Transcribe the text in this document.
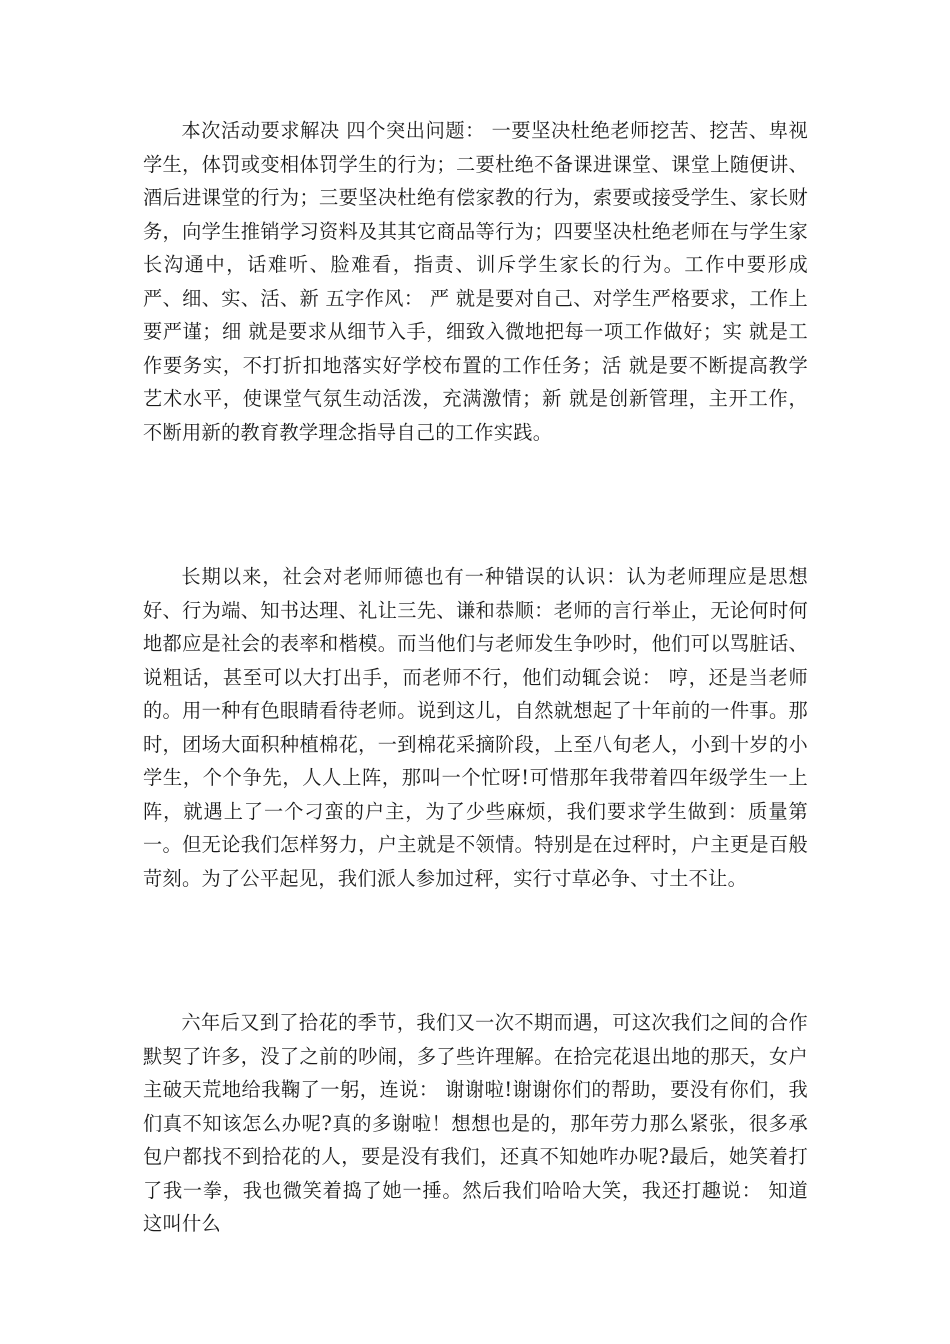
本次活动要求解决 四个突出问题： 一要坚决杜绝老师挖苦、挖苦、卑视学生，体罚或变相体罚学生的行为；二要杜绝不备课进课堂、课堂上随便讲、酒后进课堂的行为；三要坚决杜绝有偿家教的行为，索要或接受学生、家长财务，向学生推销学习资料及其其它商品等行为；四要坚决杜绝老师在与学生家长沟通中，话难听、脸难看，指责、训斥学生家长的行为。工作中要形成 严、细、实、活、新 五字作风： 严 就是要对自己、对学生严格要求，工作上要严谨；细 就是要求从细节入手，细致入微地把每一项工作做好；实 就是工作要务实，不打折扣地落实好学校布置的工作任务；活 就是要不断提高教学艺术水平，使课堂气氛生动活泼，充满激情；新 就是创新管理，主开工作，不断用新的教育教学理念指导自己的工作实践。

长期以来，社会对老师师德也有一种错误的认识：认为老师理应是思想好、行为端、知书达理、礼让三先、谦和恭顺：老师的言行举止，无论何时何地都应是社会的表率和楷模。而当他们与老师发生争吵时，他们可以骂脏话、说粗话，甚至可以大打出手，而老师不行，他们动辄会说： 哼，还是当老师的。用一种有色眼睛看待老师。说到这儿，自然就想起了十年前的一件事。那时，团场大面积种植棉花，一到棉花采摘阶段，上至八旬老人，小到十岁的小学生，个个争先，人人上阵，那叫一个忙呀!可惜那年我带着四年级学生一上阵，就遇上了一个刁蛮的户主，为了少些麻烦，我们要求学生做到：质量第一。但无论我们怎样努力，户主就是不领情。特别是在过秤时，户主更是百般苛刻。为了公平起见，我们派人参加过秤，实行寸草必争、寸土不让。

六年后又到了拾花的季节，我们又一次不期而遇，可这次我们之间的合作默契了许多，没了之前的吵闹，多了些许理解。在拾完花退出地的那天，女户主破天荒地给我鞠了一躬，连说： 谢谢啦!谢谢你们的帮助，要没有你们，我们真不知该怎么办呢?真的多谢啦！想想也是的，那年劳力那么紧张，很多承包户都找不到拾花的人，要是没有我们，还真不知她咋办呢?最后，她笑着打了我一拳，我也微笑着捣了她一捶。然后我们哈哈大笑，我还打趣说： 知道这叫什么
